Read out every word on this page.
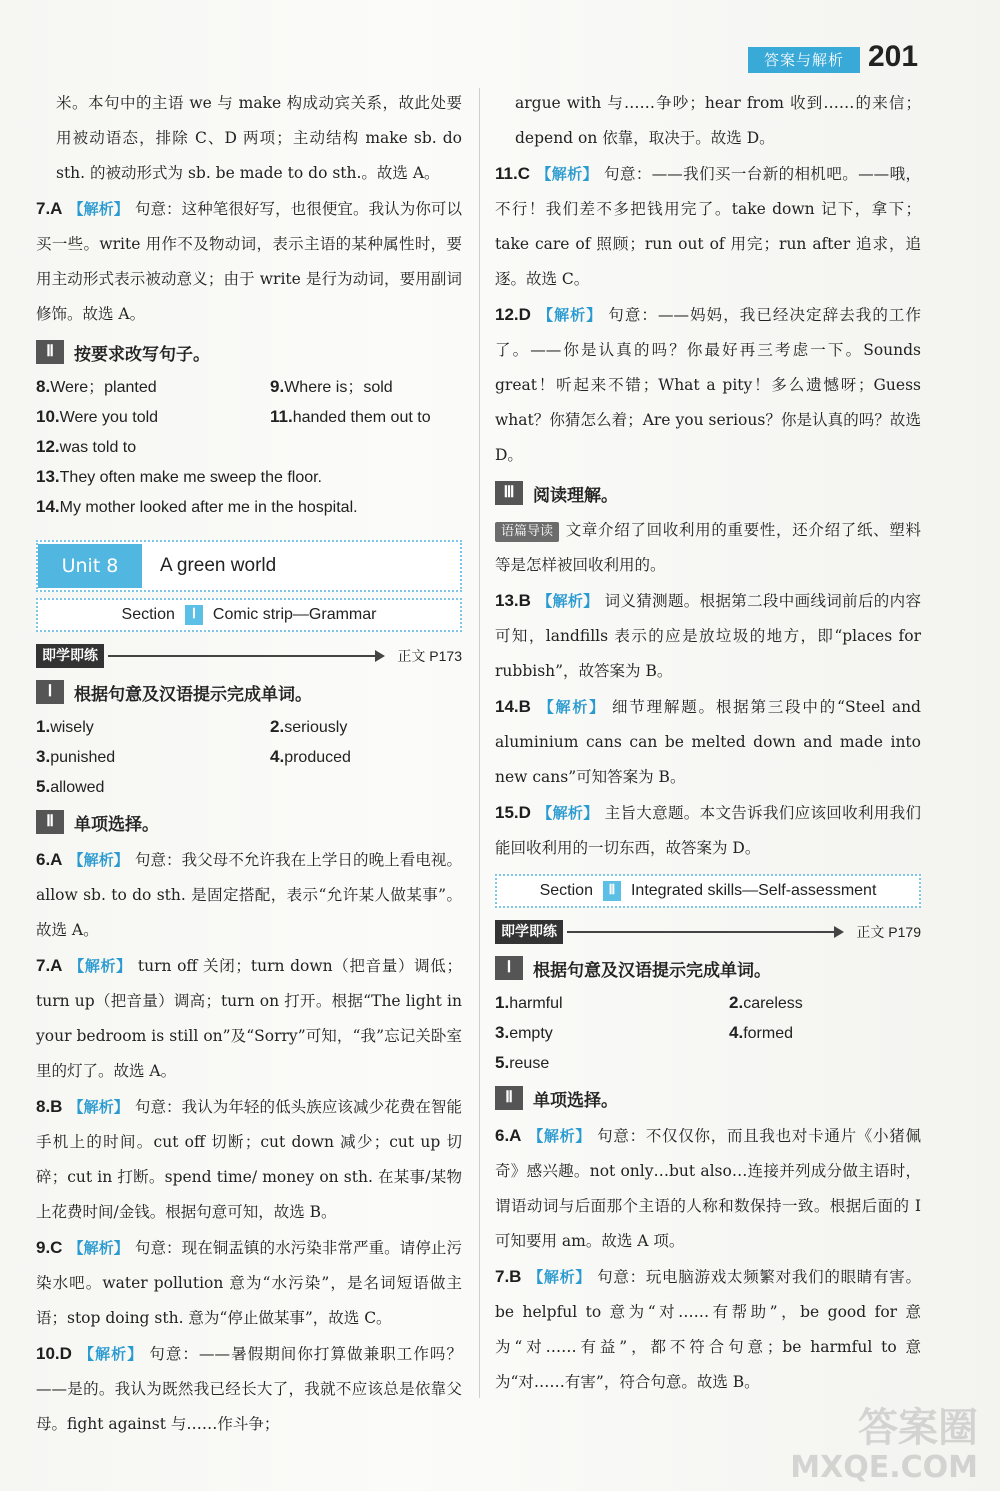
答案与解析 201

米。本句中的主语 we 与 make 构成动宾关系，故此处要用被动语态，排除 C、D 两项；主动结构 make sb. do sth. 的被动形式为 sb. be made to do sth.。故选 A。

7.A 【解析】 句意：这种笔很好写，也很便宜。我认为你可以买一些。write 用作不及物动词，表示主语的某种属性时，要用主动形式表示被动意义；由于 write 是行为动词，要用副词修饰。故选 A。

Ⅱ	按要求改写句子。
8.Were；planted	9.Where is；sold
10.Were you told	11.handed them out to
12.was told to
13.They often make me sweep the floor.
14.My mother looked after me in the hospital.
Unit 8	A green world
Section	Ⅰ	Comic strip—Grammar
即学即练	正文 P173
Ⅰ	根据句意及汉语提示完成单词。
1.wisely	2.seriously
3.punished	4.produced
5.allowed
Ⅱ	单项选择。

6.A 【解析】 句意：我父母不允许我在上学日的晚上看电视。allow sb. to do sth. 是固定搭配，表示“允许某人做某事”。故选 A。

7.A 【解析】 turn off 关闭；turn down（把音量）调低；turn up（把音量）调高；turn on 打开。根据“The light in your bedroom is still on”及“Sorry”可知，“我”忘记关卧室里的灯了。故选 A。

8.B 【解析】 句意：我认为年轻的低头族应该减少花费在智能手机上的时间。cut off 切断；cut down 减少；cut up 切碎；cut in 打断。spend time/ money on sth. 在某事/某物上花费时间/金钱。根据句意可知，故选 B。

9.C 【解析】 句意：现在铜盂镇的水污染非常严重。请停止污染水吧。water pollution 意为“水污染”，是名词短语做主语；stop doing sth. 意为“停止做某事”，故选 C。

10.D 【解析】 句意：——暑假期间你打算做兼职工作吗？——是的。我认为既然我已经长大了，我就不应该总是依靠父母。fight against 与……作斗争；

argue with 与……争吵；hear from 收到……的来信；depend on 依靠，取决于。故选 D。

11.C 【解析】 句意：——我们买一台新的相机吧。——哦，不行！我们差不多把钱用完了。take down 记下，拿下；take care of 照顾；run out of 用完；run after 追求，追逐。故选 C。

12.D 【解析】 句意：——妈妈，我已经决定辞去我的工作了。——你是认真的吗？你最好再三考虑一下。Sounds great！听起来不错；What a pity！多么遗憾呀；Guess what？你猜怎么着；Are you serious？你是认真的吗？故选 D。

Ⅲ	阅读理解。

语篇导读 文章介绍了回收利用的重要性，还介绍了纸、塑料等是怎样被回收利用的。

13.B 【解析】 词义猜测题。根据第二段中画线词前后的内容可知，landfills 表示的应是放垃圾的地方，即“places for rubbish”，故答案为 B。

14.B 【解析】 细节理解题。根据第三段中的“Steel and aluminium cans can be melted down and made into new cans”可知答案为 B。

15.D 【解析】 主旨大意题。本文告诉我们应该回收利用我们能回收利用的一切东西，故答案为 D。

Section	Ⅱ Integrated skills—Self-assessment
即学即练	正文 P179
Ⅰ	根据句意及汉语提示完成单词。
1.harmful	2.careless
3.empty	4.formed
5.reuse
Ⅱ	单项选择。

6.A 【解析】 句意：不仅仅你，而且我也对卡通片《小猪佩奇》感兴趣。not only…but also…连接并列成分做主语时，谓语动词与后面那个主语的人称和数保持一致。根据后面的 I 可知要用 am。故选 A 项。

7.B 【解析】 句意：玩电脑游戏太频繁对我们的眼睛有害。be helpful to 意为“对……有帮助”，be good for 意为“对……有益”，都不符合句意；be harmful to 意为“对……有害”，符合句意。故选 B。

答案圈
MXQE.COM
